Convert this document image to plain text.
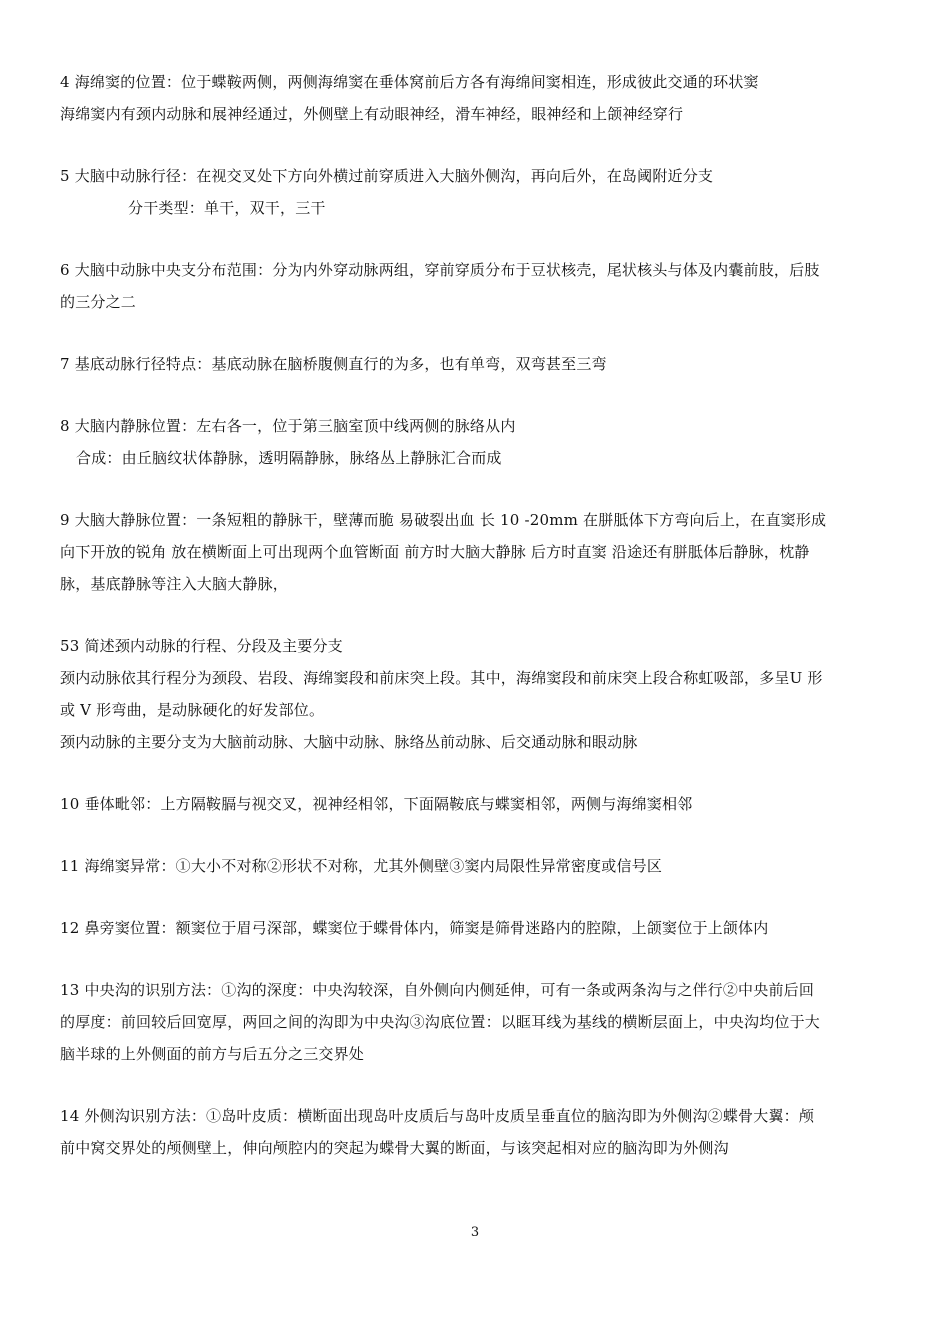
4 海绵窦的位置：位于蝶鞍两侧，两侧海绵窦在垂体窝前后方各有海绵间窦相连，形成彼此交通的环状窦
海绵窦内有颈内动脉和展神经通过，外侧壁上有动眼神经，滑车神经，眼神经和上颌神经穿行
5 大脑中动脉行径：在视交叉处下方向外横过前穿质进入大脑外侧沟，再向后外，在岛阈附近分支
分干类型：单干，双干，三干
6 大脑中动脉中央支分布范围：分为内外穿动脉两组，穿前穿质分布于豆状核壳，尾状核头与体及内囊前肢，后肢
的三分之二
7 基底动脉行径特点：基底动脉在脑桥腹侧直行的为多，也有单弯，双弯甚至三弯
8 大脑内静脉位置：左右各一，位于第三脑室顶中线两侧的脉络从内
合成：由丘脑纹状体静脉，透明隔静脉，脉络丛上静脉汇合而成
9 大脑大静脉位置：一条短粗的静脉干，壁薄而脆 易破裂出血 长 10 -20mm 在胼胝体下方弯向后上，在直窦形成
向下开放的锐角 放在横断面上可出现两个血管断面 前方时大脑大静脉 后方时直窦 沿途还有胼胝体后静脉，枕静
脉，基底静脉等注入大脑大静脉，
53 简述颈内动脉的行程、分段及主要分支
颈内动脉依其行程分为颈段、岩段、海绵窦段和前床突上段。其中，海绵窦段和前床突上段合称虹吸部，多呈U 形
或 V 形弯曲，是动脉硬化的好发部位。
颈内动脉的主要分支为大脑前动脉、大脑中动脉、脉络丛前动脉、后交通动脉和眼动脉
10 垂体毗邻：上方隔鞍膈与视交叉，视神经相邻，下面隔鞍底与蝶窦相邻，两侧与海绵窦相邻
11 海绵窦异常：①大小不对称②形状不对称，尤其外侧壁③窦内局限性异常密度或信号区
12 鼻旁窦位置：额窦位于眉弓深部，蝶窦位于蝶骨体内，筛窦是筛骨迷路内的腔隙，上颌窦位于上颌体内
13 中央沟的识别方法：①沟的深度：中央沟较深，自外侧向内侧延伸，可有一条或两条沟与之伴行②中央前后回
的厚度：前回较后回宽厚，两回之间的沟即为中央沟③沟底位置：以眶耳线为基线的横断层面上，中央沟均位于大
脑半球的上外侧面的前方与后五分之三交界处
14 外侧沟识别方法：①岛叶皮质：横断面出现岛叶皮质后与岛叶皮质呈垂直位的脑沟即为外侧沟②蝶骨大翼：颅
前中窝交界处的颅侧壁上，伸向颅腔内的突起为蝶骨大翼的断面，与该突起相对应的脑沟即为外侧沟
3
